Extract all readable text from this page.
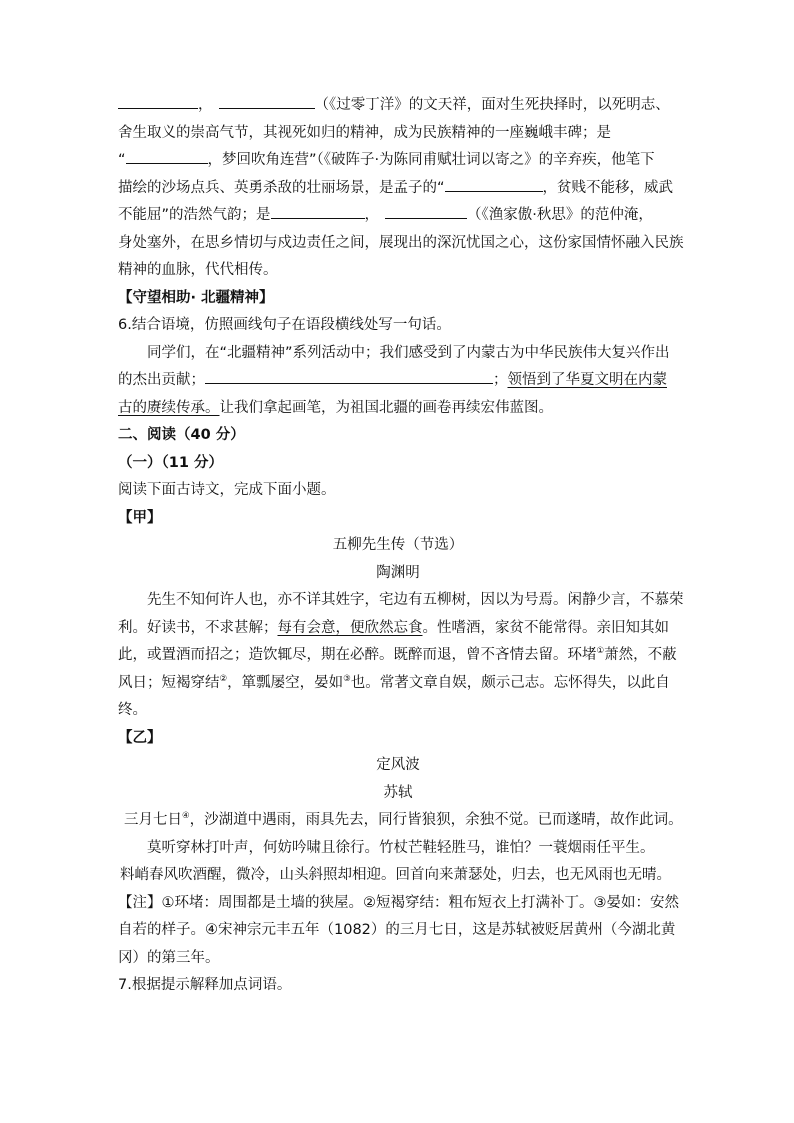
，	（《过零丁洋》的文天祥，面对生死抉择时，以死明志、
舍生取义的崇高气节，其视死如归的精神，成为民族精神的一座巍峨丰碑；是
“	，梦回吹角连营”（《破阵子·为陈同甫赋壮词以寄之》的辛弃疾，他笔下
描绘的沙场点兵、英勇杀敌的壮丽场景，是孟子的“	，贫贱不能移，威武
不能屈”的浩然气韵；是	，	（《渔家傲·秋思》的范仲淹，
身处塞外，在思乡情切与戍边责任之间，展现出的深沉忧国之心，这份家国情怀融入民族
精神的血脉，代代相传。
【守望相助· 北疆精神】
6.结合语境，仿照画线句子在语段横线处写一句话。
同学们，在“北疆精神”系列活动中；我们感受到了内蒙古为中华民族伟大复兴作出
的杰出贡献；	；领悟到了华夏文明在内蒙
古的赓续传承。让我们拿起画笔，为祖国北疆的画卷再续宏伟蓝图。
二、阅读（40 分）
（一）（11 分）
阅读下面古诗文，完成下面小题。
【甲】
五柳先生传（节选）
陶渊明
先生不知何许人也，亦不详其姓字，宅边有五柳树，因以为号焉。闲静少言，不慕荣
利。好读书，不求甚解；每有会意，便欣然忘食。性嗜酒，家贫不能常得。亲旧知其如
此，或置酒而招之；造饮辄尽，期在必醉。既醉而退，曾不吝情去留。环堵①萧然，不蔽
风日；短褐穿结②，箪瓢屡空，晏如③也。常著文章自娱，颇示己志。忘怀得失，以此自
终。
【乙】
定风波
苏轼
三月七日④，沙湖道中遇雨，雨具先去，同行皆狼狈，余独不觉。已而遂晴，故作此词。
莫听穿林打叶声，何妨吟啸且徐行。竹杖芒鞋轻胜马，谁怕？一蓑烟雨任平生。
料峭春风吹酒醒，微冷，山头斜照却相迎。回首向来萧瑟处，归去，也无风雨也无晴。
【注】①环堵：周围都是土墙的狭屋。②短褐穿结：粗布短衣上打满补丁。③晏如：安然
自若的样子。④宋神宗元丰五年（1082）的三月七日，这是苏轼被贬居黄州（今湖北黄
冈）的第三年。
7.根据提示解释加点词语。
